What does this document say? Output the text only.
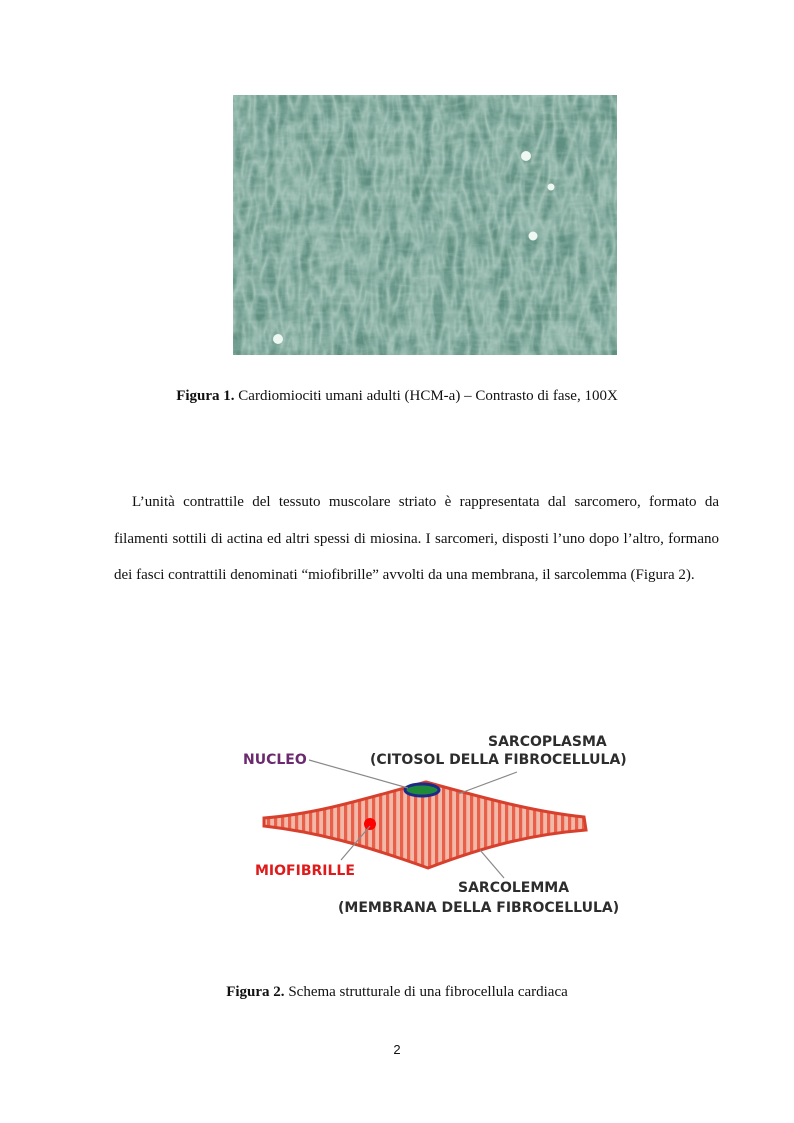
Figura 1. Cardiomiociti umani adulti (HCM-a) – Contrasto di fase, 100X

L’unità contrattile del tessuto muscolare striato è rappresentata dal sarcomero, formato da filamenti sottili di actina ed altri spessi di miosina. I sarcomeri, disposti l’uno dopo l’altro, formano dei fasci contrattili denominati “miofibrille” avvolti da una membrana, il sarcolemma (Figura 2).

NUCLEO
SARCOPLASMA
(CITOSOL DELLA FIBROCELLULA)
MIOFIBRILLE
SARCOLEMMA
(MEMBRANA DELLA FIBROCELLULA)

Figura 2. Schema strutturale di una fibrocellula cardiaca

2
